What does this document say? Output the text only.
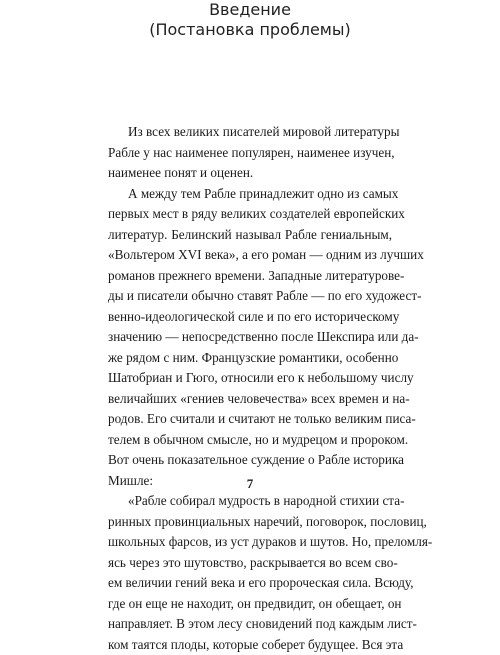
Введение
(Постановка проблемы)

Из всех великих писателей мировой литературы
Рабле у нас наименее популярен, наименее изучен,
наименее понят и оценен.

А между тем Рабле принадлежит одно из самых
первых мест в ряду великих создателей европейских
литератур. Белинский называл Рабле гениальным,
«Вольтером XVI века», а его роман — одним из лучших
романов прежнего времени. Западные литературове-
ды и писатели обычно ставят Рабле — по его художест-
венно-идеологической силе и по его историческому
значению — непосредственно после Шекспира или да-
же рядом с ним. Французские романтики, особенно
Шатобриан и Гюго, относили его к небольшому числу
величайших «гениев человечества» всех времен и на-
родов. Его считали и считают не только великим писа-
телем в обычном смысле, но и мудрецом и пророком.
Вот очень показательное суждение о Рабле историка
Мишле:

«Рабле собирал мудрость в народной стихии ста-
ринных провинциальных наречий, поговорок, пословиц,
школьных фарсов, из уст дураков и шутов. Но, преломля-
ясь через это шутовство, раскрывается во всем сво-
ем величии гений века и его пророческая сила. Всюду,
где он еще не находит, он предвидит, он обещает, он
направляет. В этом лесу сновидений под каждым лист-
ком таятся плоды, которые соберет будущее. Вся эта

7
